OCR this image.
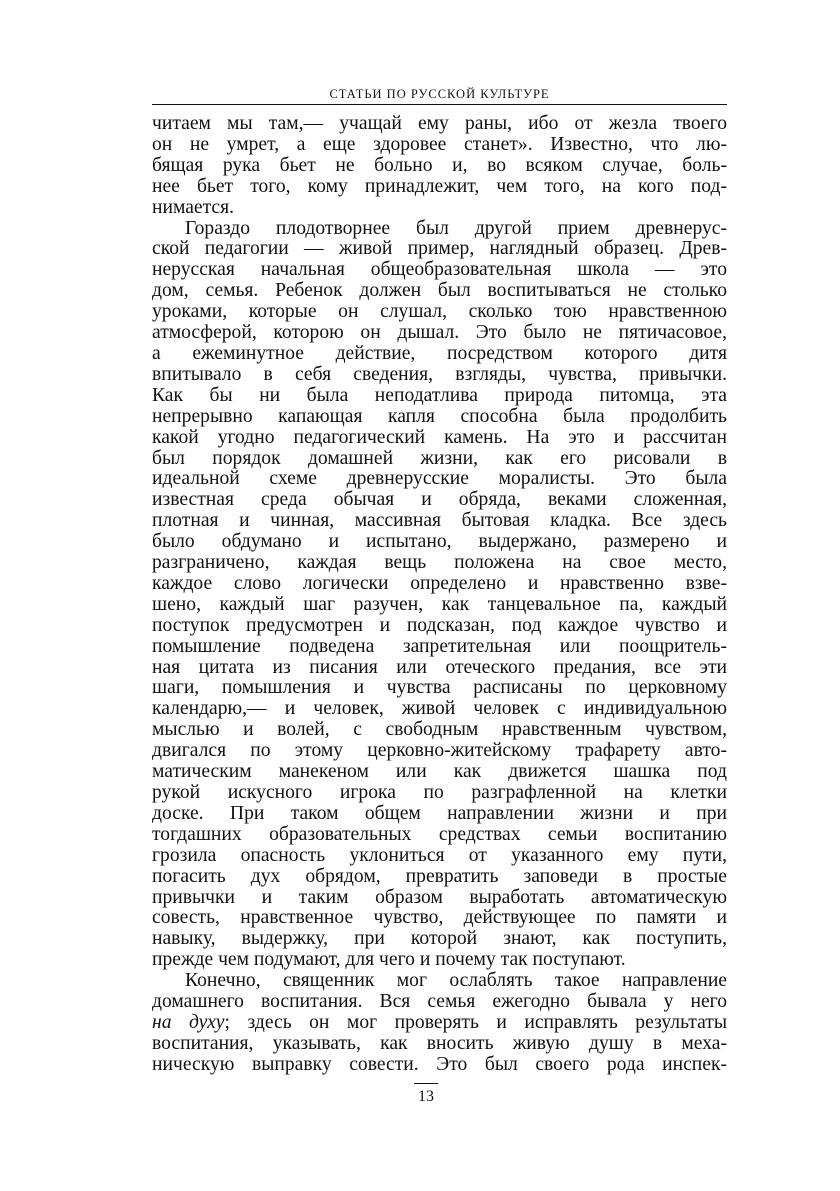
СТАТЬИ ПО РУССКОЙ КУЛЬТУРЕ

читаем мы там,— учащай ему раны, ибо от жезла твоего
он не умрет, а еще здоровее станет». Известно, что лю-
бящая рука бьет не больно и, во всяком случае, боль-
нее бьет того, кому принадлежит, чем того, на кого под-
нимается.

Гораздо плодотворнее был другой прием древнерус-
ской педагогии — живой пример, наглядный образец. Древ-
нерусская начальная общеобразовательная школа — это
дом, семья. Ребенок должен был воспитываться не столько
уроками, которые он слушал, сколько тою нравственною
атмосферой, которою он дышал. Это было не пятичасовое,
а ежеминутное действие, посредством которого дитя
впитывало в себя сведения, взгляды, чувства, привычки.
Как бы ни была неподатлива природа питомца, эта
непрерывно капающая капля способна была продолбить
какой угодно педагогический камень. На это и рассчитан
был порядок домашней жизни, как его рисовали в
идеальной схеме древнерусские моралисты. Это была
известная среда обычая и обряда, веками сложенная,
плотная и чинная, массивная бытовая кладка. Все здесь
было обдумано и испытано, выдержано, размерено и
разграничено, каждая вещь положена на свое место,
каждое слово логически определено и нравственно взве-
шено, каждый шаг разучен, как танцевальное па, каждый
поступок предусмотрен и подсказан, под каждое чувство и
помышление подведена запретительная или поощритель-
ная цитата из писания или отеческого предания, все эти
шаги, помышления и чувства расписаны по церковному
календарю,— и человек, живой человек с индивидуальною
мыслью и волей, с свободным нравственным чувством,
двигался по этому церковно-житейскому трафарету авто-
матическим манекеном или как движется шашка под
рукой искусного игрока по разграфленной на клетки
доске. При таком общем направлении жизни и при
тогдашних образовательных средствах семьи воспитанию
грозила опасность уклониться от указанного ему пути,
погасить дух обрядом, превратить заповеди в простые
привычки и таким образом выработать автоматическую
совесть, нравственное чувство, действующее по памяти и
навыку, выдержку, при которой знают, как поступить,
прежде чем подумают, для чего и почему так поступают.

Конечно, священник мог ослаблять такое направление
домашнего воспитания. Вся семья ежегодно бывала у него
на духу; здесь он мог проверять и исправлять результаты
воспитания, указывать, как вносить живую душу в меха-
ническую выправку совести. Это был своего рода инспек-

13
